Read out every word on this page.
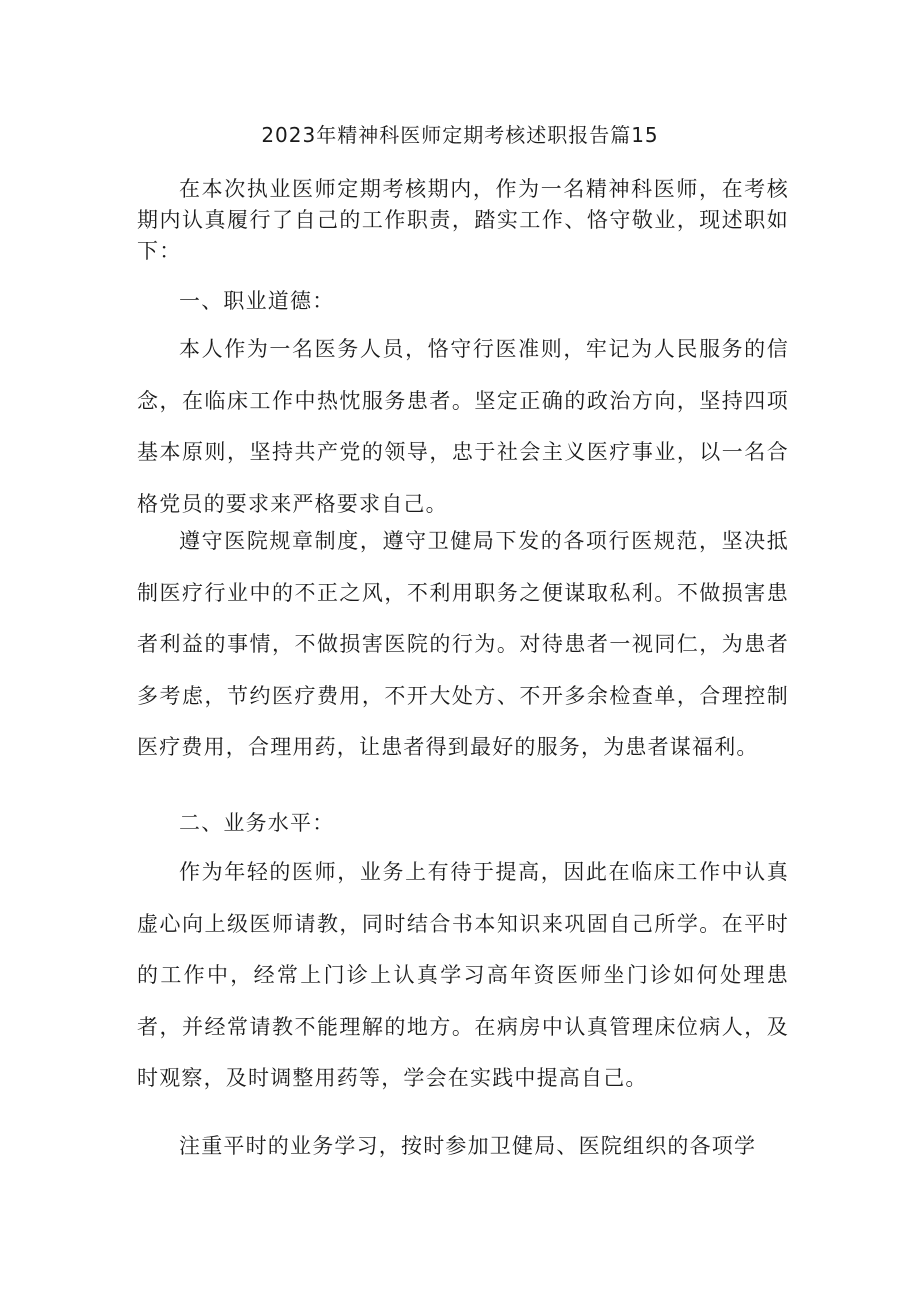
2023年精神科医师定期考核述职报告篇15

在本次执业医师定期考核期内，作为一名精神科医师，在考核期内认真履行了自己的工作职责，踏实工作、恪守敬业，现述职如下：

一、职业道德：

本人作为一名医务人员，恪守行医准则，牢记为人民服务的信念，在临床工作中热忱服务患者。坚定正确的政治方向，坚持四项基本原则，坚持共产党的领导，忠于社会主义医疗事业，以一名合格党员的要求来严格要求自己。

遵守医院规章制度，遵守卫健局下发的各项行医规范，坚决抵制医疗行业中的不正之风，不利用职务之便谋取私利。不做损害患者利益的事情，不做损害医院的行为。对待患者一视同仁，为患者多考虑，节约医疗费用，不开大处方、不开多余检查单，合理控制医疗费用，合理用药，让患者得到最好的服务，为患者谋福利。

二、业务水平：

作为年轻的医师，业务上有待于提高，因此在临床工作中认真虚心向上级医师请教，同时结合书本知识来巩固自己所学。在平时的工作中，经常上门诊上认真学习高年资医师坐门诊如何处理患者，并经常请教不能理解的地方。在病房中认真管理床位病人，及时观察，及时调整用药等，学会在实践中提高自己。

注重平时的业务学习，按时参加卫健局、医院组织的各项学
